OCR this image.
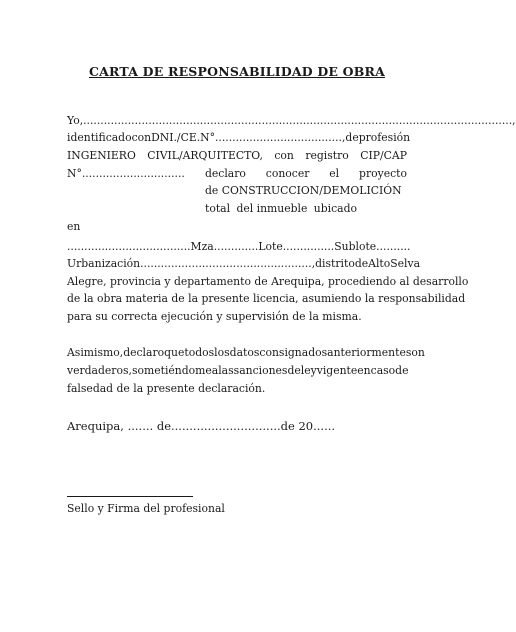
CARTA DE RESPONSABILIDAD DE OBRA
Yo,.............................................................................................................................,
identificado con DNI./CE. N°....................................., de profesión
INGENIERO CIVIL/ARQUITECTO, con registro CIP/CAP
N°..............................	declaro conocer el proyecto
de CONSTRUCCION/DEMOLICIÓN
total del inmueble ubicado
en
....................................Mza.............Lote...............Sublote..........
Urbanización.................................................., distrito de Alto Selva
Alegre, provincia y departamento de Arequipa, procediendo al desarrollo
de la obra materia de la presente licencia, asumiendo la responsabilidad
para su correcta ejecución y supervisión de la misma.
Asimismo, declaro que todos los datos consignados anteriormente son
verdaderos, sometiéndome a las sanciones de ley vigente en caso de
falsedad de la presente declaración.
Arequipa, ....... de..............................de 20......
Sello y Firma del profesional
